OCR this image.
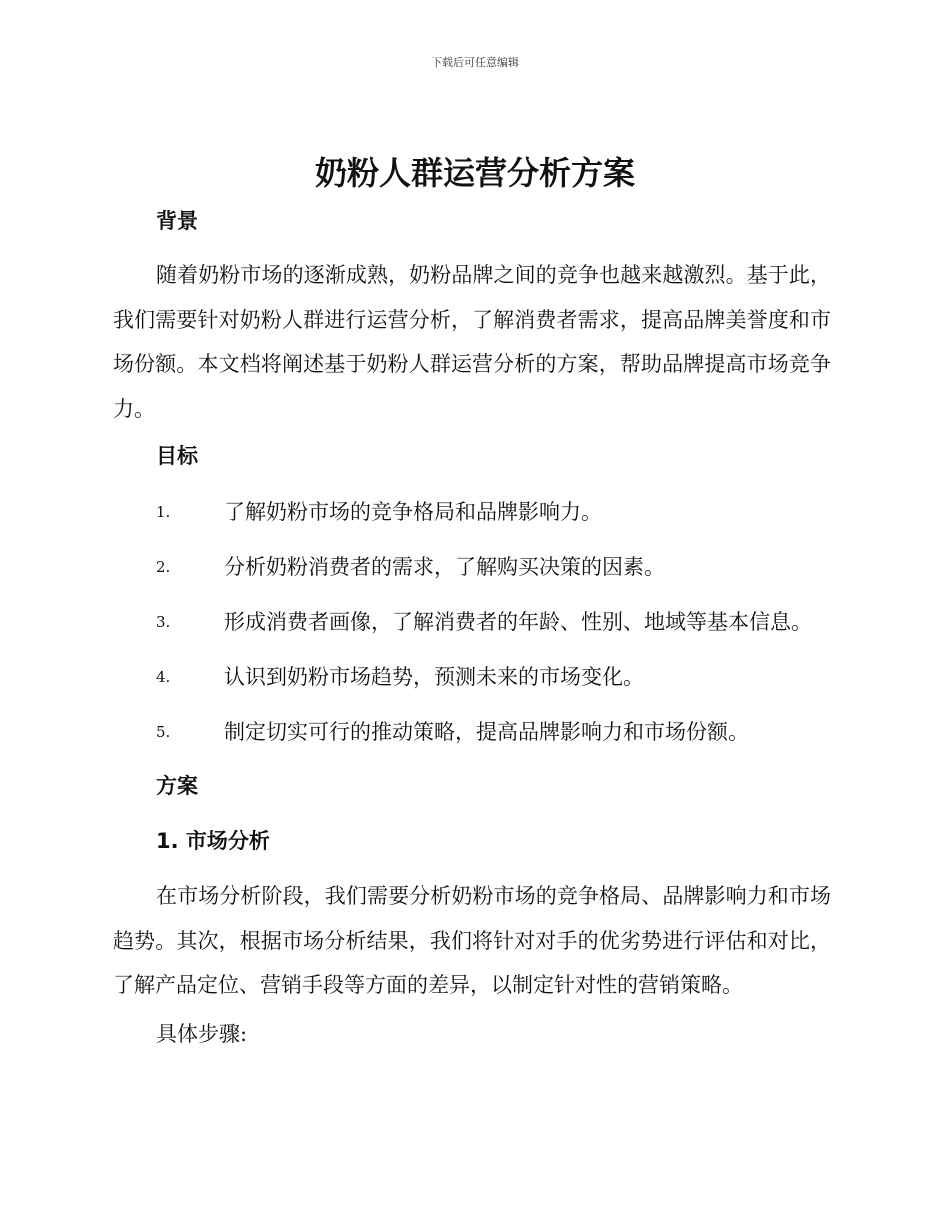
下载后可任意编辑
奶粉人群运营分析方案
背景

随着奶粉市场的逐渐成熟，奶粉品牌之间的竞争也越来越激烈。基于此，我们需要针对奶粉人群进行运营分析，了解消费者需求，提高品牌美誉度和市场份额。本文档将阐述基于奶粉人群运营分析的方案，帮助品牌提高市场竞争力。

目标
1.	了解奶粉市场的竞争格局和品牌影响力。
2.	分析奶粉消费者的需求，了解购买决策的因素。
3.	形成消费者画像，了解消费者的年龄、性别、地域等基本信息。
4.	认识到奶粉市场趋势，预测未来的市场变化。
5.	制定切实可行的推动策略，提高品牌影响力和市场份额。
方案
1. 市场分析

在市场分析阶段，我们需要分析奶粉市场的竞争格局、品牌影响力和市场趋势。其次，根据市场分析结果，我们将针对对手的优劣势进行评估和对比，了解产品定位、营销手段等方面的差异，以制定针对性的营销策略。

具体步骤:
